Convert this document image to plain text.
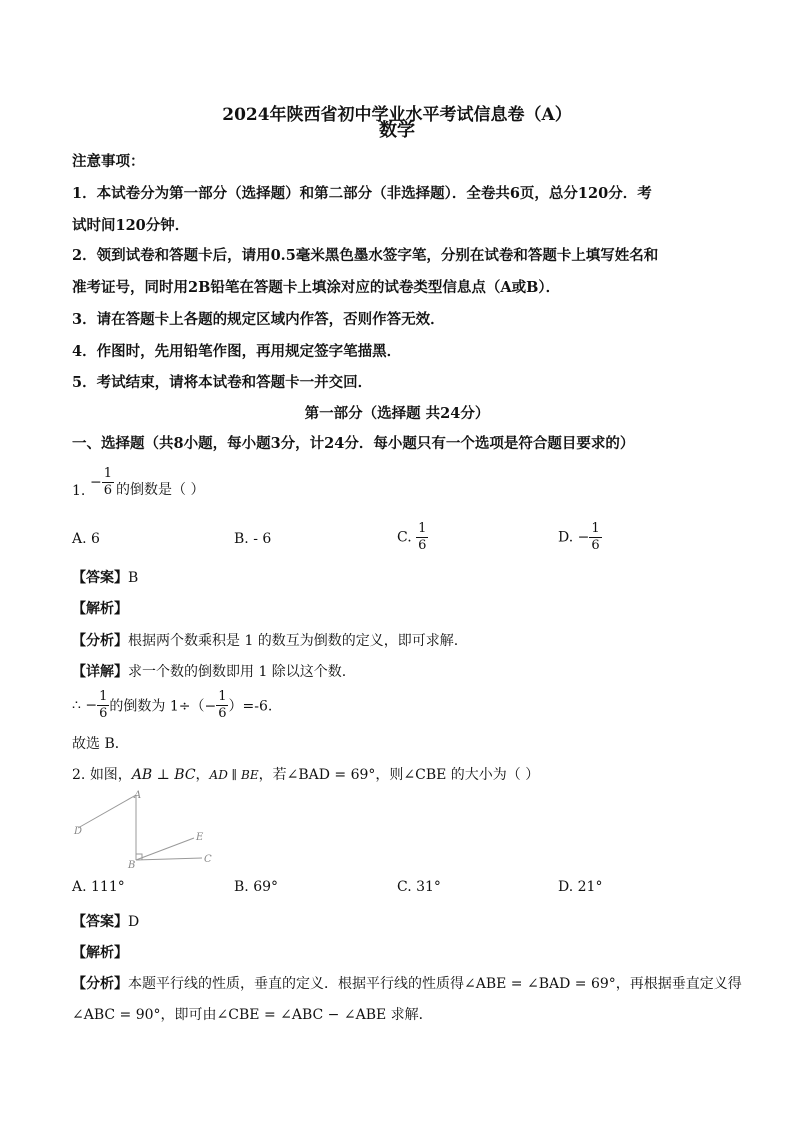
2024年陕西省初中学业水平考试信息卷（A）
数学
注意事项：
1．本试卷分为第一部分（选择题）和第二部分（非选择题）．全卷共6页，总分120分．考
试时间120分钟．
2．领到试卷和答题卡后，请用0.5毫米黑色墨水签字笔，分别在试卷和答题卡上填写姓名和
准考证号，同时用2B铅笔在答题卡上填涂对应的试卷类型信息点（A或B）．
3．请在答题卡上各题的规定区域内作答，否则作答无效．
4．作图时，先用铅笔作图，再用规定签字笔描黑．
5．考试结束，请将本试卷和答题卡一并交回．
第一部分（选择题 共24分）
一、选择题（共8小题，每小题3分，计24分．每小题只有一个选项是符合题目要求的）
$1.- \frac{1}{6}$ 的倒数是（ ）
A. 6	B. - 6	C. $\frac{1}{6}$	D. − $\frac{1}{6}$
【答案】B
【解析】
【分析】根据两个数乘积是 1 的数互为倒数的定义，即可求解.
【详解】求一个数的倒数即用 1 除以这个数.
∴ − $\frac{1}{6}$ 的倒数为 $1\div(- \frac{1}{6} )=-6$.
故选 B．
2. 如图，AB ⊥ BC，AD ∥ BE，若∠BAD = 69°，则∠CBE 的大小为（ ）
A
D
E
B
C
A. 111°	B. 69°	C. 31°	D. 21°
【答案】D
【解析】
【分析】本题平行线的性质，垂直的定义．根据平行线的性质得∠ABE = ∠BAD = 69°，再根据垂直定义得
∠ABC = 90°，即可由∠CBE = ∠ABC − ∠ABE 求解．
